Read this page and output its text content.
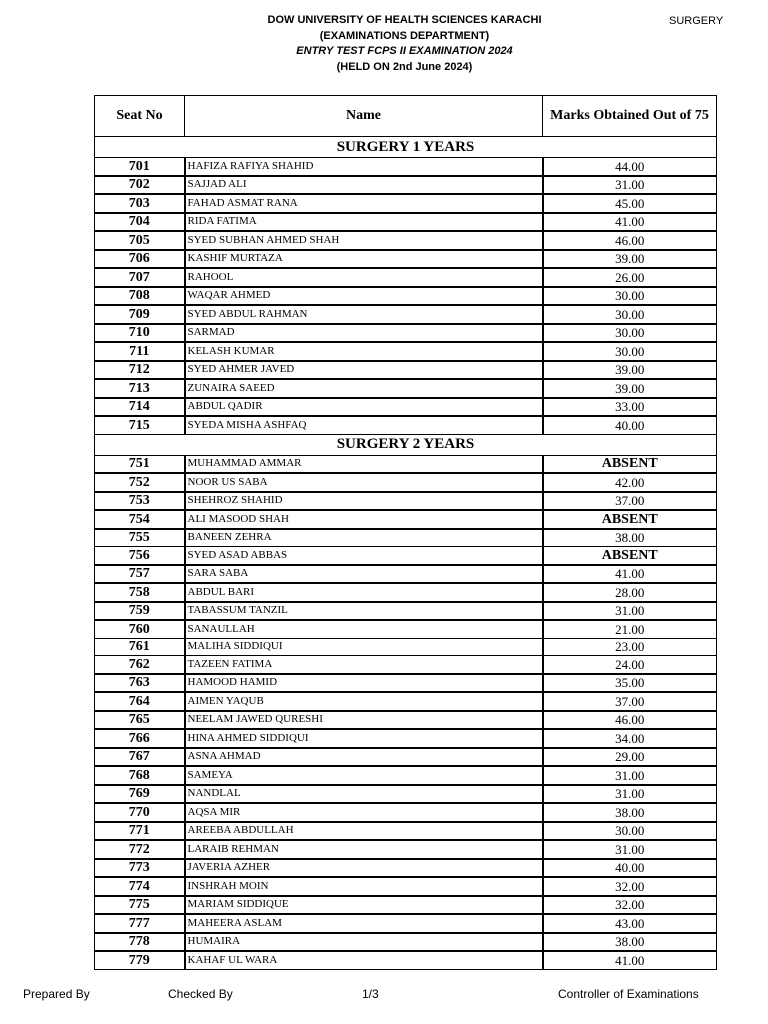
SURGERY
DOW UNIVERSITY OF HEALTH SCIENCES KARACHI
(EXAMINATIONS DEPARTMENT)
ENTRY TEST FCPS II EXAMINATION 2024
(HELD ON 2nd June 2024)
Seat No	Name	Marks Obtained Out of 75
SURGERY 1 YEARS		
701	HAFIZA RAFIYA SHAHID	44.00
702	SAJJAD ALI	31.00
703	FAHAD ASMAT RANA	45.00
704	RIDA FATIMA	41.00
705	SYED SUBHAN AHMED SHAH	46.00
706	KASHIF MURTAZA	39.00
707	RAHOOL	26.00
708	WAQAR AHMED	30.00
709	SYED ABDUL RAHMAN	30.00
710	SARMAD	30.00
711	KELASH KUMAR	30.00
712	SYED AHMER JAVED	39.00
713	ZUNAIRA SAEED	39.00
714	ABDUL QADIR	33.00
715	SYEDA MISHA ASHFAQ	40.00
SURGERY 2 YEARS		
751	MUHAMMAD AMMAR	ABSENT
752	NOOR US SABA	42.00
753	SHEHROZ SHAHID	37.00
754	ALI MASOOD SHAH	ABSENT
755	BANEEN ZEHRA	38.00
756	SYED ASAD ABBAS	ABSENT
757	SARA SABA	41.00
758	ABDUL BARI	28.00
759	TABASSUM TANZIL	31.00
760	SANAULLAH	21.00
761	MALIHA SIDDIQUI	23.00
762	TAZEEN FATIMA	24.00
763	HAMOOD HAMID	35.00
764	AIMEN YAQUB	37.00
765	NEELAM JAWED QURESHI	46.00
766	HINA AHMED SIDDIQUI	34.00
767	ASNA AHMAD	29.00
768	SAMEYA	31.00
769	NANDLAL	31.00
770	AQSA MIR	38.00
771	AREEBA ABDULLAH	30.00
772	LARAIB REHMAN	31.00
773	JAVERIA AZHER	40.00
774	INSHRAH MOIN	32.00
775	MARIAM SIDDIQUE	32.00
777	MAHEERA ASLAM	43.00
778	HUMAIRA	38.00
779	KAHAF UL WARA	41.00
Prepared By	Checked By	1/3	Controller of Examinations
